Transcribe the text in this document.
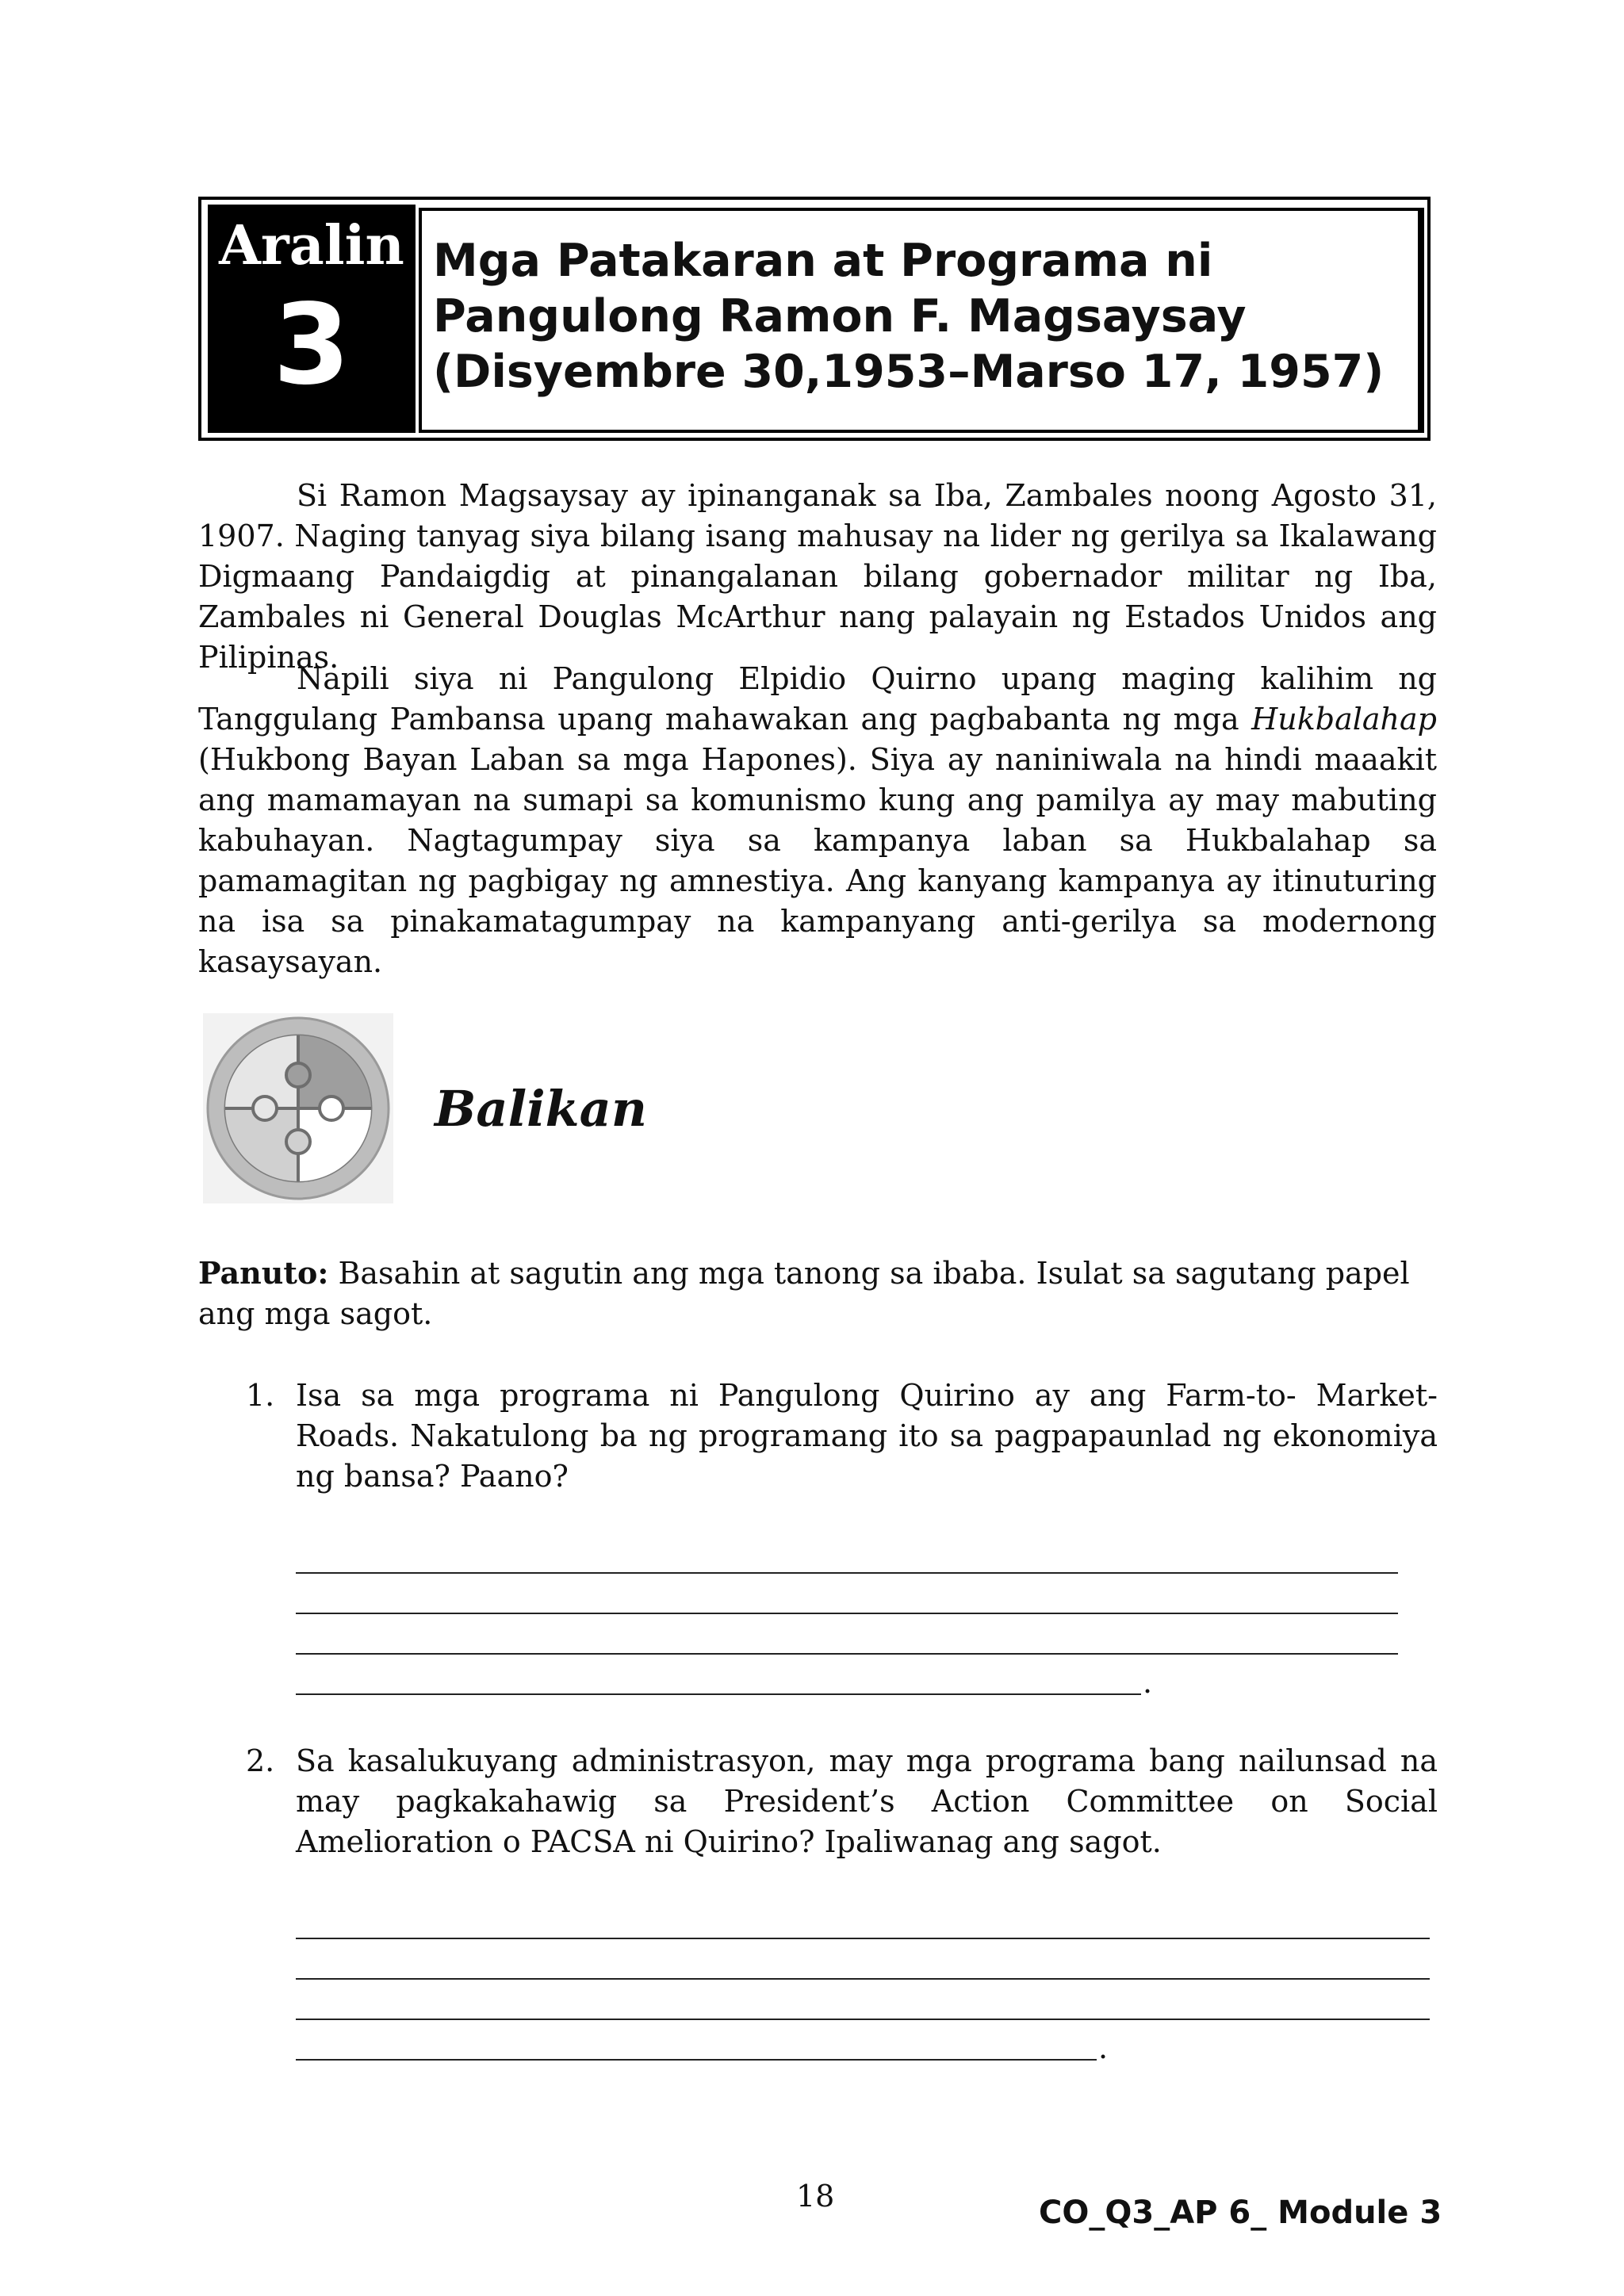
Aralin
3
Mga Patakaran at Programa ni
Pangulong Ramon F. Magsaysay
(Disyembre 30,1953–Marso 17, 1957)

Si Ramon Magsaysay ay ipinanganak sa Iba, Zambales noong Agosto 31, 1907. Naging tanyag siya bilang isang mahusay na lider ng gerilya sa Ikalawang Digmaang Pandaigdig at pinangalanan bilang gobernador militar ng Iba, Zambales ni General Douglas McArthur nang palayain ng Estados Unidos ang Pilipinas.

Napili siya ni Pangulong Elpidio Quirno upang maging kalihim ng Tanggulang Pambansa upang mahawakan ang pagbabanta ng mga Hukbalahap (Hukbong Bayan Laban sa mga Hapones). Siya ay naniniwala na hindi maaakit ang mamamayan na sumapi sa komunismo kung ang pamilya ay may mabuting kabuhayan. Nagtagumpay siya sa kampanya laban sa Hukbalahap sa pamamagitan ng pagbigay ng amnestiya. Ang kanyang kampanya ay itinuturing na isa sa pinakamatagumpay na kampanyang anti-gerilya sa modernong kasaysayan.

Balikan
Panuto: Basahin at sagutin ang mga tanong sa ibaba. Isulat sa sagutang papel ang mga sagot.
1. Isa sa mga programa ni Pangulong Quirino ay ang Farm-to- Market-Roads. Nakatulong ba ng programang ito sa pagpapaunlad ng ekonomiya ng bansa? Paano?
.
2. Sa kasalukuyang administrasyon, may mga programa bang nailunsad na may pagkakahawig sa President’s Action Committee on Social Amelioration o PACSA ni Quirino? Ipaliwanag ang sagot.
.
18	CO_Q3_AP 6_ Module 3
